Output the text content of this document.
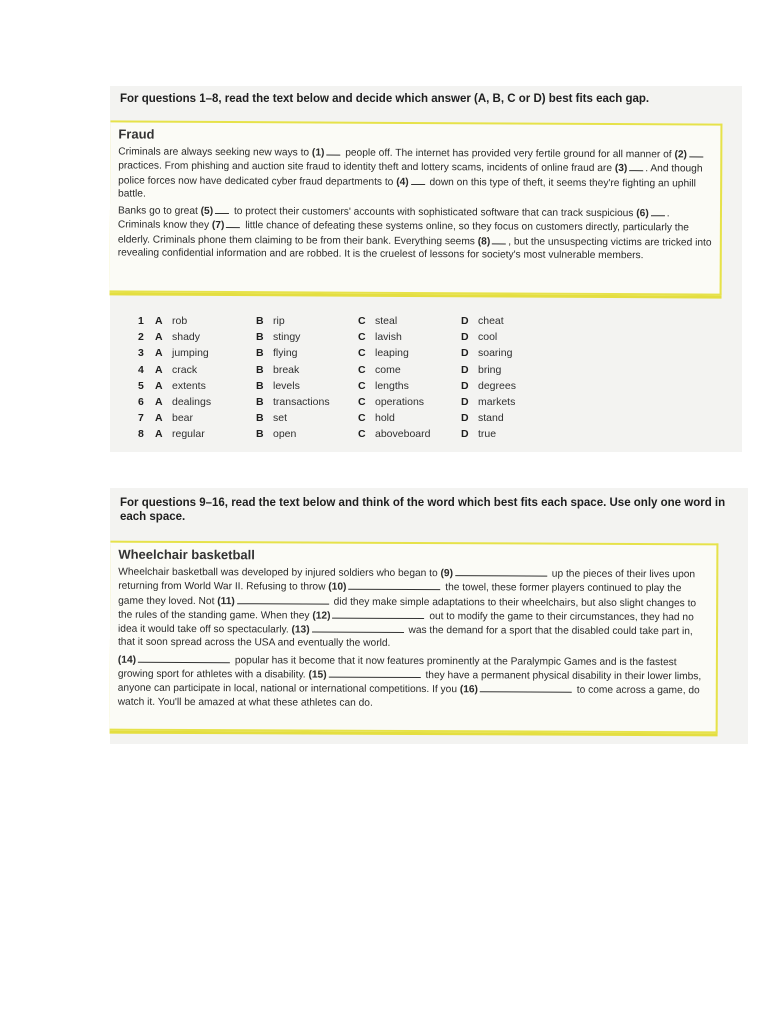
For questions 1–8, read the text below and decide which answer (A, B, C or D) best fits each gap.
Fraud

Criminals are always seeking new ways to (1) people off. The internet has provided very fertile ground for all manner of (2) practices. From phishing and auction site fraud to identity theft and lottery scams, incidents of online fraud are (3) . And though police forces now have dedicated cyber fraud departments to (4) down on this type of theft, it seems they're fighting an uphill battle.

Banks go to great (5) to protect their customers' accounts with sophisticated software that can track suspicious (6) . Criminals know they (7) little chance of defeating these systems online, so they focus on customers directly, particularly the elderly. Criminals phone them claiming to be from their bank. Everything seems (8) , but the unsuspecting victims are tricked into revealing confidential information and are robbed. It is the cruelest of lessons for society's most vulnerable members.

1 A rob	B rip	C steal	D cheat
2 A shady	B stingy	C lavish	D cool
3 A jumping	B flying	C leaping	D soaring
4 A crack	B break	C come	D bring
5 A extents	B levels	C lengths	D degrees
6 A dealings	B transactions	C operations	D markets
7 A bear	B set	C hold	D stand
8 A regular	B open	C aboveboard	D true
For questions 9–16, read the text below and think of the word which best fits each space. Use only one word in each space.
Wheelchair basketball

Wheelchair basketball was developed by injured soldiers who began to (9)	up the pieces of their lives upon returning from World War II. Refusing to throw (10)	the towel, these former players continued to play the game they loved. Not (11)	did they make simple adaptations to their wheelchairs, but also slight changes to the rules of the standing game. When they (12)	out to modify the game to their circumstances, they had no idea it would take off so spectacularly. (13)	was the demand for a sport that the disabled could take part in, that it soon spread across the USA and eventually the world.

(14)	popular has it become that it now features prominently at the Paralympic Games and is the fastest growing sport for athletes with a disability. (15)	they have a permanent physical disability in their lower limbs, anyone can participate in local, national or international competitions. If you (16)	to come across a game, do watch it. You'll be amazed at what these athletes can do.
